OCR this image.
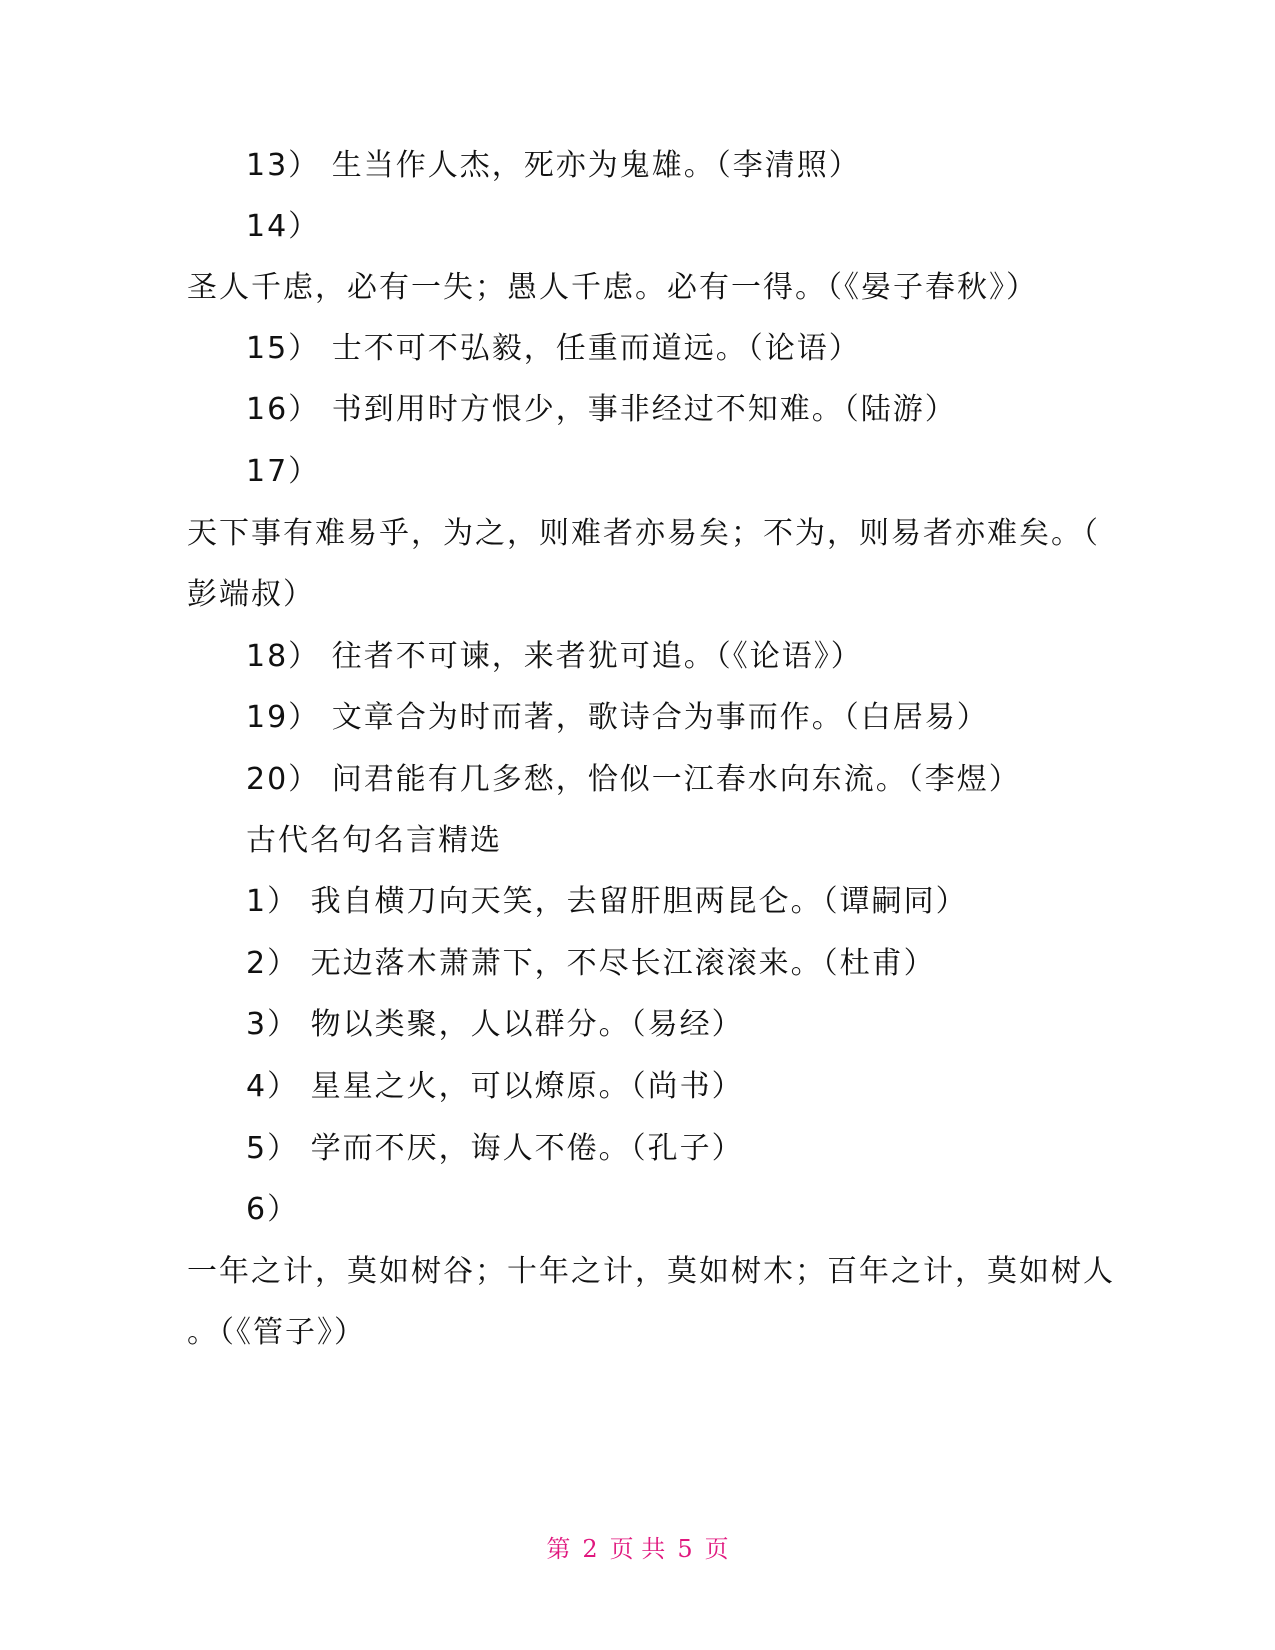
13） 生当作人杰，死亦为鬼雄。（李清照）
14）
圣人千虑，必有一失；愚人千虑。必有一得。（《晏子春秋》）
15） 士不可不弘毅，任重而道远。（论语）
16） 书到用时方恨少，事非经过不知难。（陆游）
17）
天下事有难易乎，为之，则难者亦易矣；不为，则易者亦难矣。（
彭端叔）
18） 往者不可谏，来者犹可追。（《论语》）
19） 文章合为时而著，歌诗合为事而作。（白居易）
20） 问君能有几多愁，恰似一江春水向东流。（李煜）
古代名句名言精选
1） 我自横刀向天笑，去留肝胆两昆仑。（谭嗣同）
2） 无边落木萧萧下，不尽长江滚滚来。（杜甫）
3） 物以类聚，人以群分。（易经）
4） 星星之火，可以燎原。（尚书）
5） 学而不厌，诲人不倦。（孔子）
6）
一年之计，莫如树谷；十年之计，莫如树木；百年之计，莫如树人
。（《管子》）
第 2 页 共 5 页
